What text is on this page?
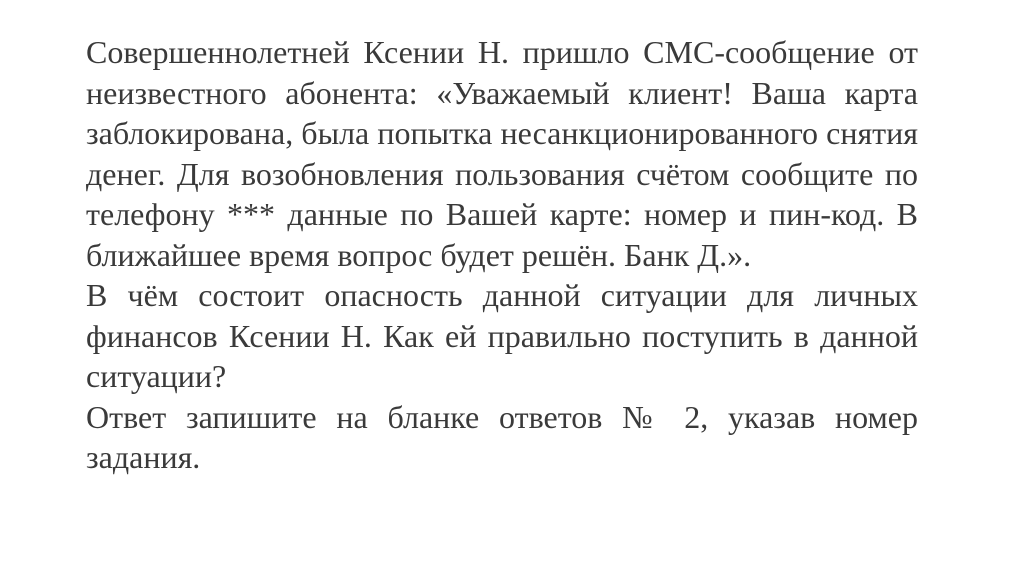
Совершеннолетней Ксении Н. пришло СМС-сообщение от неизвестного абонента: «Уважаемый клиент! Ваша карта заблокирована, была попытка несанкционированного снятия денег. Для возобновления пользования счётом сообщите по телефону *** данные по Вашей карте: номер и пин-код. В ближайшее время вопрос будет решён. Банк Д.».

В чём состоит опасность данной ситуации для личных финансов Ксении Н. Как ей правильно поступить в данной ситуации?

Ответ запишите на бланке ответов № 2, указав номер задания.
